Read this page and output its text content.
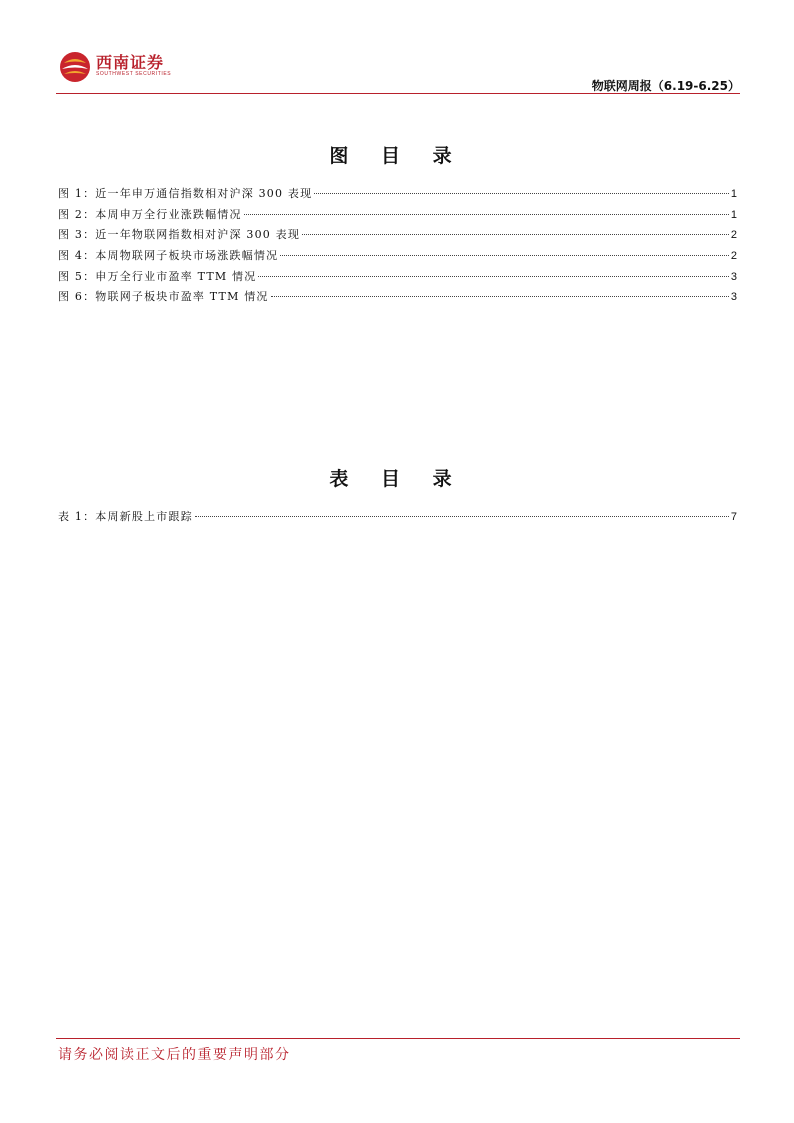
西南证券
SOUTHWEST SECURITIES
物联网周报（6.19-6.25）
图 目 录
图 1：近一年申万通信指数相对沪深 300 表现	1
图 2：本周申万全行业涨跌幅情况	1
图 3：近一年物联网指数相对沪深 300 表现	2
图 4：本周物联网子板块市场涨跌幅情况	2
图 5：申万全行业市盈率 TTM 情况	3
图 6：物联网子板块市盈率 TTM 情况	3
表 目 录
表 1：本周新股上市跟踪	7
请务必阅读正文后的重要声明部分
